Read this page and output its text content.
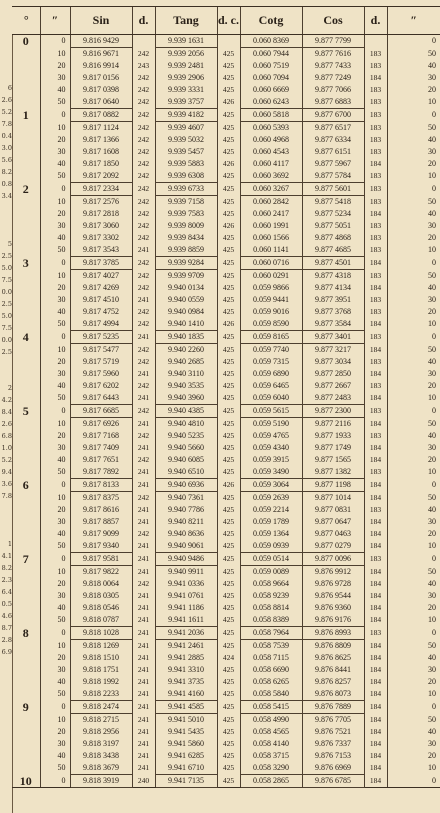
6
2.6
5.2
7.8
0.4
3.0
5.6
8.2
0.8
3.4
5
2.5
5.0
7.5
0.0
2.5
5.0
7.5
0.0
2.5
2
4.2
8.4
2.6
6.8
1.0
5.2
9.4
3.6
7.8
1
4.1
8.2
2.3
6.4
0.5
4.6
8.7
2.8
6.9
°	″	Sin	d.	Tang	d. c.	Cotg	Cos	d.	″
0	0	9.816 9429		9.939 1631		0.060 8369	9.877 7799		0
	10	9.816 9671	242	9.939 2056	425	0.060 7944	9.877 7616	183	50
	20	9.816 9914	243	9.939 2481	425	0.060 7519	9.877 7433	183	40
	30	9.817 0156	242	9.939 2906	425	0.060 7094	9.877 7249	184	30
	40	9.817 0398	242	9.939 3331	425	0.060 6669	9.877 7066	183	20
	50	9.817 0640	242	9.939 3757	426	0.060 6243	9.877 6883	183	10
1	0	9.817 0882	242	9.939 4182	425	0.060 5818	9.877 6700	183	0
	10	9.817 1124	242	9.939 4607	425	0.060 5393	9.877 6517	183	50
	20	9.817 1366	242	9.939 5032	425	0.060 4968	9.877 6334	183	40
	30	9.817 1608	242	9.939 5457	425	0.060 4543	9.877 6151	183	30
	40	9.817 1850	242	9.939 5883	426	0.060 4117	9.877 5967	184	20
	50	9.817 2092	242	9.939 6308	425	0.060 3692	9.877 5784	183	10
2	0	9.817 2334	242	9.939 6733	425	0.060 3267	9.877 5601	183	0
	10	9.817 2576	242	9.939 7158	425	0.060 2842	9.877 5418	183	50
	20	9.817 2818	242	9.939 7583	425	0.060 2417	9.877 5234	184	40
	30	9.817 3060	242	9.939 8009	426	0.060 1991	9.877 5051	183	30
	40	9.817 3302	242	9.939 8434	425	0.060 1566	9.877 4868	183	20
	50	9.817 3543	241	9.939 8859	425	0.060 1141	9.877 4685	183	10
3	0	9.817 3785	242	9.939 9284	425	0.060 0716	9.877 4501	184	0
	10	9.817 4027	242	9.939 9709	425	0.060 0291	9.877 4318	183	50
	20	9.817 4269	242	9.940 0134	425	0.059 9866	9.877 4134	184	40
	30	9.817 4510	241	9.940 0559	425	0.059 9441	9.877 3951	183	30
	40	9.817 4752	242	9.940 0984	425	0.059 9016	9.877 3768	183	20
	50	9.817 4994	242	9.940 1410	426	0.059 8590	9.877 3584	184	10
4	0	9.817 5235	241	9.940 1835	425	0.059 8165	9.877 3401	183	0
	10	9.817 5477	242	9.940 2260	425	0.059 7740	9.877 3217	184	50
	20	9.817 5719	242	9.940 2685	425	0.059 7315	9.877 3034	183	40
	30	9.817 5960	241	9.940 3110	425	0.059 6890	9.877 2850	184	30
	40	9.817 6202	242	9.940 3535	425	0.059 6465	9.877 2667	183	20
	50	9.817 6443	241	9.940 3960	425	0.059 6040	9.877 2483	184	10
5	0	9.817 6685	242	9.940 4385	425	0.059 5615	9.877 2300	183	0
	10	9.817 6926	241	9.940 4810	425	0.059 5190	9.877 2116	184	50
	20	9.817 7168	242	9.940 5235	425	0.059 4765	9.877 1933	183	40
	30	9.817 7409	241	9.940 5660	425	0.059 4340	9.877 1749	184	30
	40	9.817 7651	242	9.940 6085	425	0.059 3915	9.877 1565	184	20
	50	9.817 7892	241	9.940 6510	425	0.059 3490	9.877 1382	183	10
6	0	9.817 8133	241	9.940 6936	426	0.059 3064	9.877 1198	184	0
	10	9.817 8375	242	9.940 7361	425	0.059 2639	9.877 1014	184	50
	20	9.817 8616	241	9.940 7786	425	0.059 2214	9.877 0831	183	40
	30	9.817 8857	241	9.940 8211	425	0.059 1789	9.877 0647	184	30
	40	9.817 9099	242	9.940 8636	425	0.059 1364	9.877 0463	184	20
	50	9.817 9340	241	9.940 9061	425	0.059 0939	9.877 0279	184	10
7	0	9.817 9581	241	9.940 9486	425	0.059 0514	9.877 0096	183	0
	10	9.817 9822	241	9.940 9911	425	0.059 0089	9.876 9912	184	50
	20	9.818 0064	242	9.941 0336	425	0.058 9664	9.876 9728	184	40
	30	9.818 0305	241	9.941 0761	425	0.058 9239	9.876 9544	184	30
	40	9.818 0546	241	9.941 1186	425	0.058 8814	9.876 9360	184	20
	50	9.818 0787	241	9.941 1611	425	0.058 8389	9.876 9176	184	10
8	0	9.818 1028	241	9.941 2036	425	0.058 7964	9.876 8993	183	0
	10	9.818 1269	241	9.941 2461	425	0.058 7539	9.876 8809	184	50
	20	9.818 1510	241	9.941 2885	424	0.058 7115	9.876 8625	184	40
	30	9.818 1751	241	9.941 3310	425	0.058 6690	9.876 8441	184	30
	40	9.818 1992	241	9.941 3735	425	0.058 6265	9.876 8257	184	20
	50	9.818 2233	241	9.941 4160	425	0.058 5840	9.876 8073	184	10
9	0	9.818 2474	241	9.941 4585	425	0.058 5415	9.876 7889	184	0
	10	9.818 2715	241	9.941 5010	425	0.058 4990	9.876 7705	184	50
	20	9.818 2956	241	9.941 5435	425	0.058 4565	9.876 7521	184	40
	30	9.818 3197	241	9.941 5860	425	0.058 4140	9.876 7337	184	30
	40	9.818 3438	241	9.941 6285	425	0.058 3715	9.876 7153	184	20
	50	9.818 3679	241	9.941 6710	425	0.058 3290	9.876 6969	184	10
10	0	9.818 3919	240	9.941 7135	425	0.058 2865	9.876 6785	184	0
